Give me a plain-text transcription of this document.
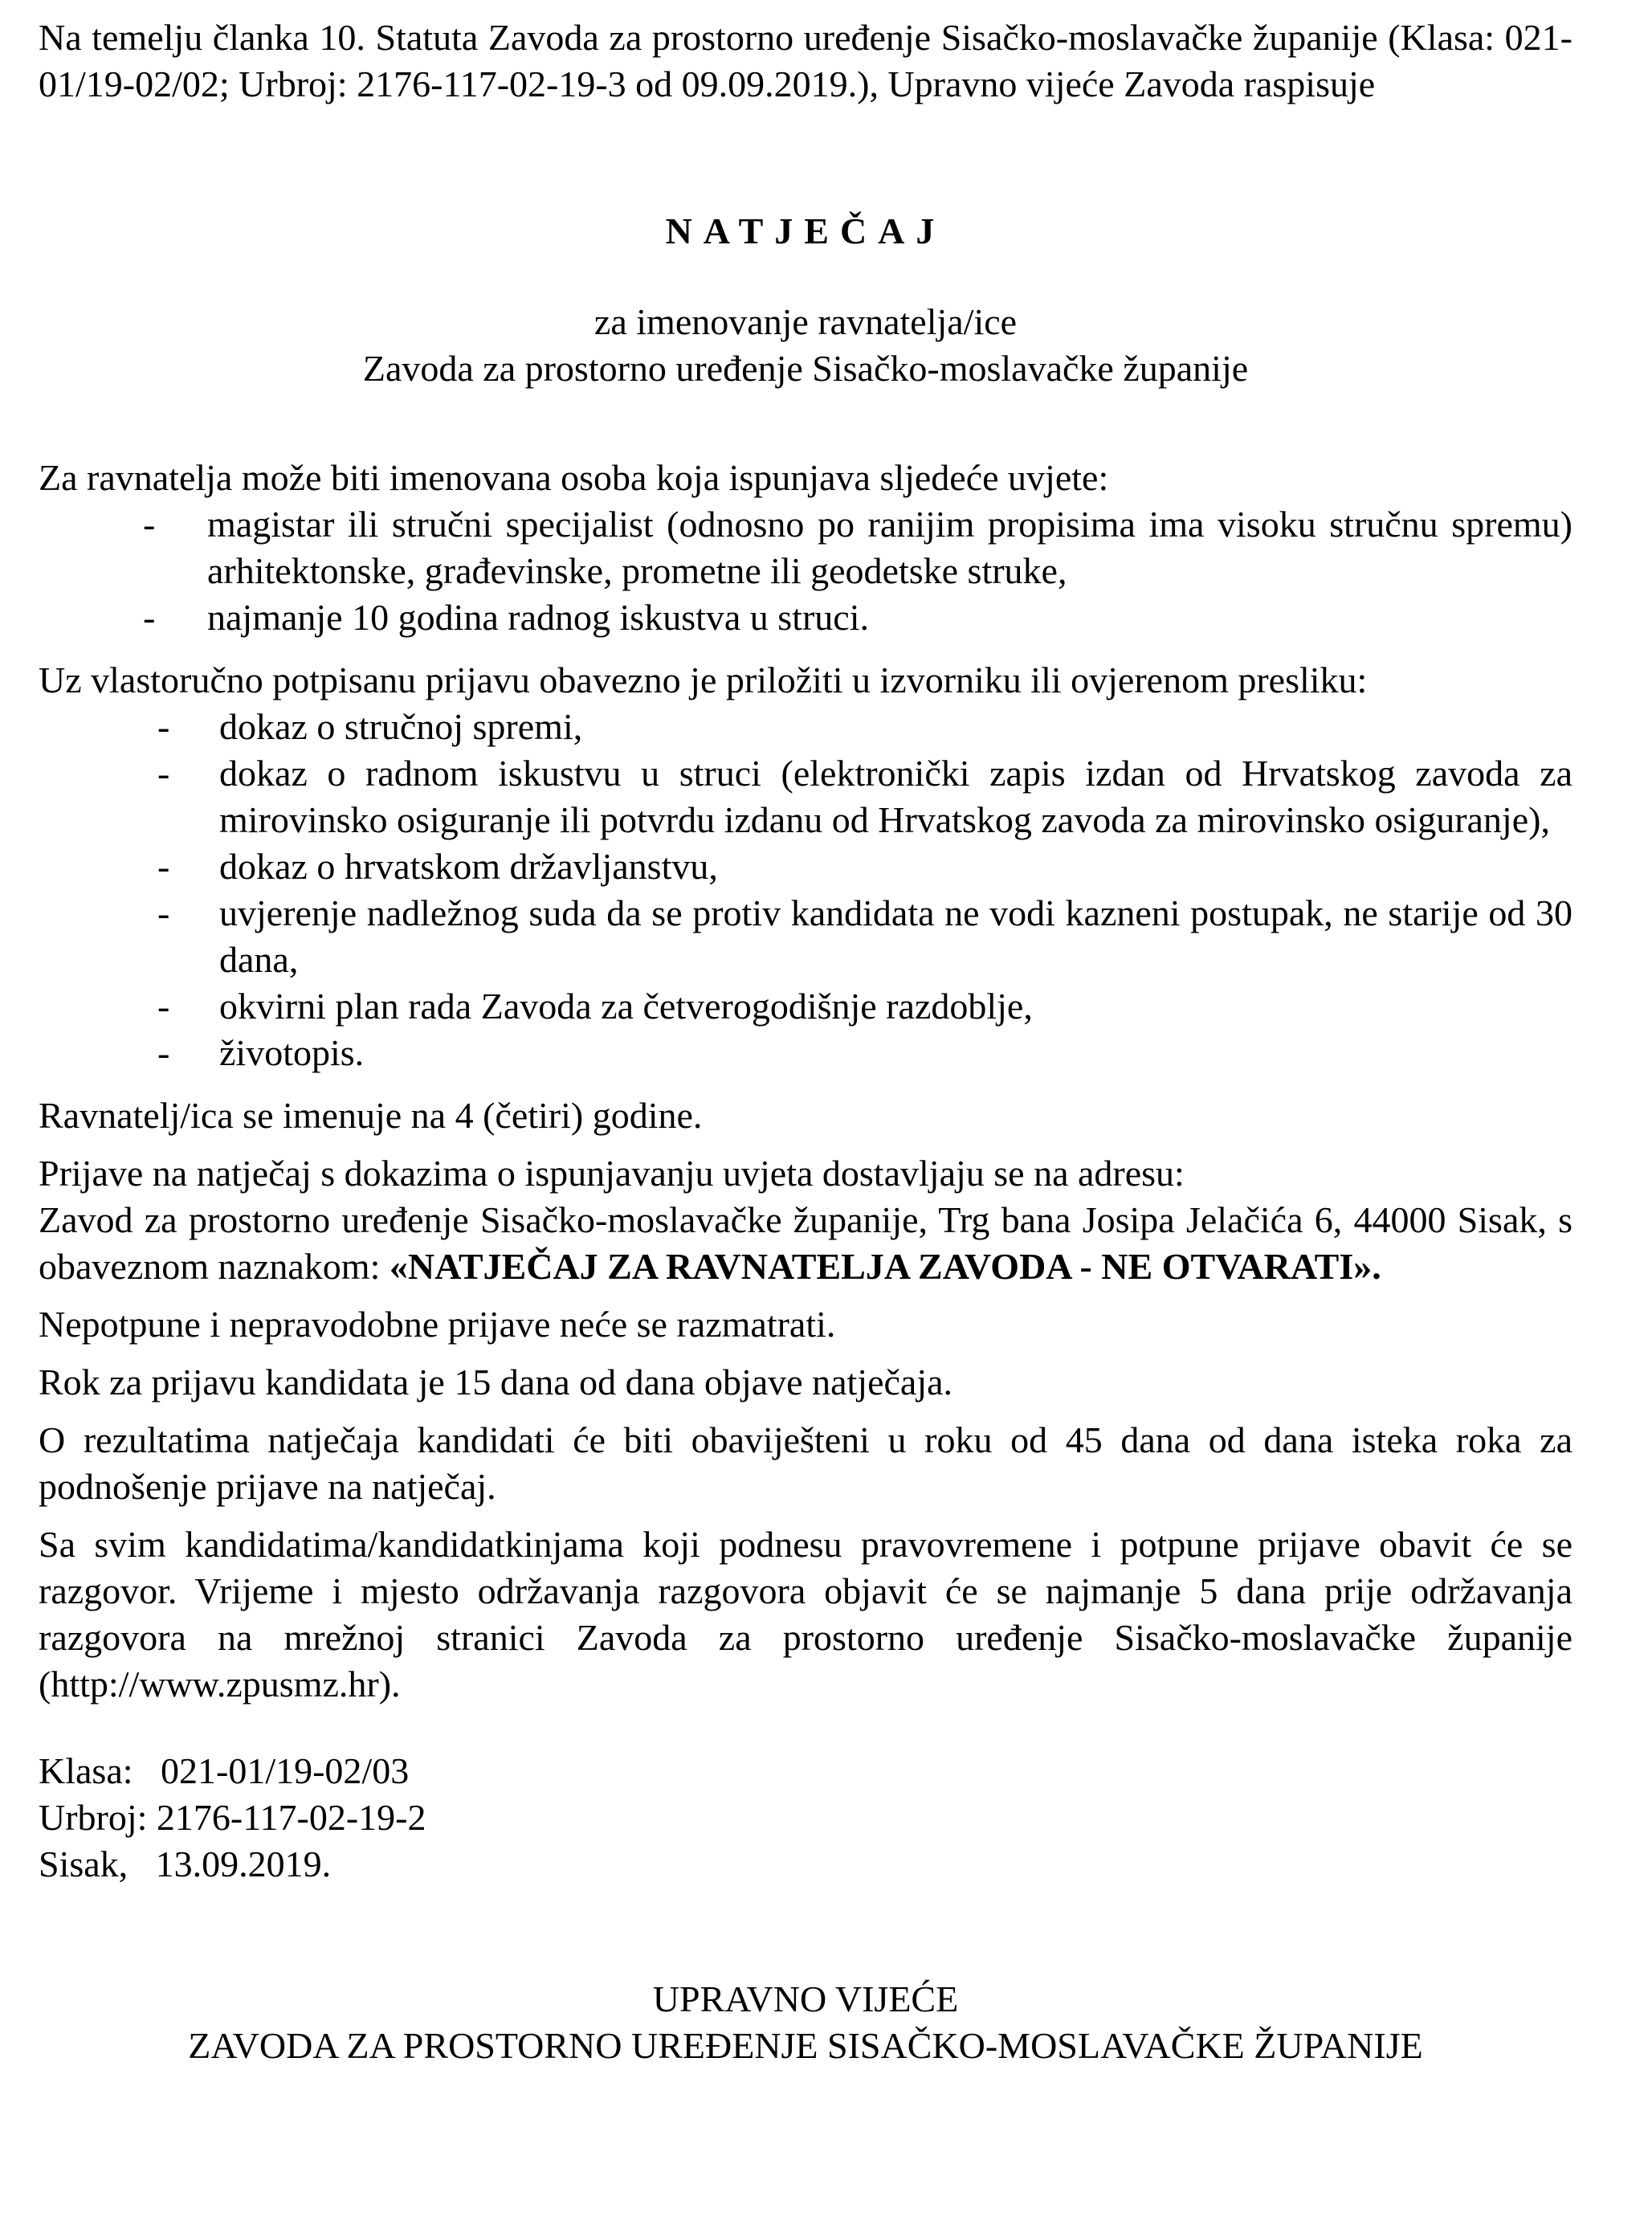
Na temelju članka 10. Statuta Zavoda za prostorno uređenje Sisačko-moslavačke županije (Klasa: 021-01/19-02/02; Urbroj: 2176-117-02-19-3 od 09.09.2019.), Upravno vijeće Zavoda raspisuje

NATJEČAJ

za imenovanje ravnatelja/ice

Zavoda za prostorno uređenje Sisačko-moslavačke županije

Za ravnatelja može biti imenovana osoba koja ispunjava sljedeće uvjete:

- magistar ili stručni specijalist (odnosno po ranijim propisima ima visoku stručnu spremu) arhitektonske, građevinske, prometne ili geodetske struke,
- najmanje 10 godina radnog iskustva u struci.

Uz vlastoručno potpisanu prijavu obavezno je priložiti u izvorniku ili ovjerenom presliku:

- dokaz o stručnoj spremi,
- dokaz o radnom iskustvu u struci (elektronički zapis izdan od Hrvatskog zavoda za mirovinsko osiguranje ili potvrdu izdanu od Hrvatskog zavoda za mirovinsko osiguranje),
- dokaz o hrvatskom državljanstvu,
- uvjerenje nadležnog suda da se protiv kandidata ne vodi kazneni postupak, ne starije od 30 dana,
- okvirni plan rada Zavoda za četverogodišnje razdoblje,
- životopis.

Ravnatelj/ica se imenuje na 4 (četiri) godine.

Prijave na natječaj s dokazima o ispunjavanju uvjeta dostavljaju se na adresu:

Zavod za prostorno uređenje Sisačko-moslavačke županije, Trg bana Josipa Jelačića 6, 44000 Sisak, s obaveznom naznakom: «NATJEČAJ ZA RAVNATELJA ZAVODA - NE OTVARATI».

Nepotpune i nepravodobne prijave neće se razmatrati.

Rok za prijavu kandidata je 15 dana od dana objave natječaja.

O rezultatima natječaja kandidati će biti obaviješteni u roku od 45 dana od dana isteka roka za podnošenje prijave na natječaj.

Sa svim kandidatima/kandidatkinjama koji podnesu pravovremene i potpune prijave obavit će se razgovor. Vrijeme i mjesto održavanja razgovora objavit će se najmanje 5 dana prije održavanja razgovora na mrežnoj stranici Zavoda za prostorno uređenje Sisačko-moslavačke županije (http://www.zpusmz.hr).

Klasa:   021-01/19-02/03
Urbroj: 2176-117-02-19-2
Sisak,   13.09.2019.
UPRAVNO VIJEĆE
ZAVODA ZA PROSTORNO UREĐENJE SISAČKO-MOSLAVAČKE ŽUPANIJE
